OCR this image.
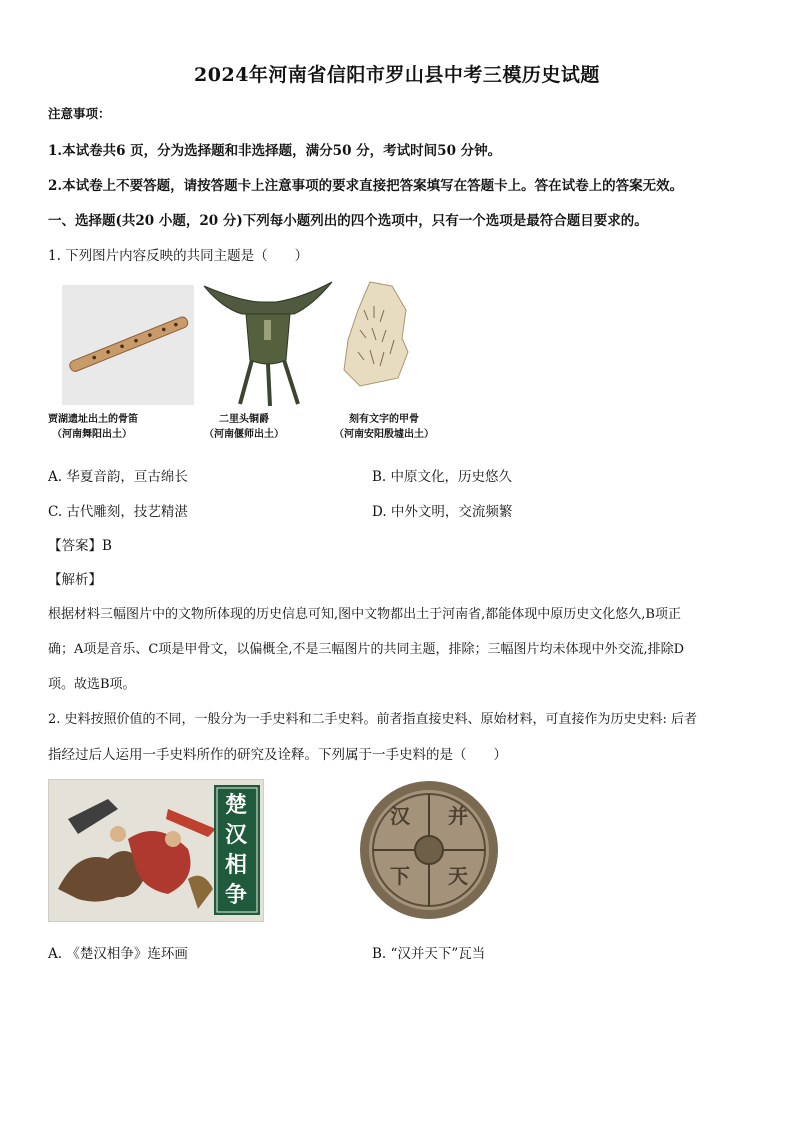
2024年河南省信阳市罗山县中考三模历史试题
注意事项：
1.本试卷共6 页，分为选择题和非选择题，满分50 分，考试时间50 分钟。
2.本试卷上不要答题，请按答题卡上注意事项的要求直接把答案填写在答题卡上。答在试卷上的答案无效。
一、选择题(共20 小题，20 分)下列每小题列出的四个选项中，只有一个选项是最符合题目要求的。
1. 下列图片内容反映的共同主题是（　　）
贾湖遗址出土的骨笛
（河南舞阳出土）
二里头铜爵
（河南偃师出土）
刻有文字的甲骨
（河南安阳殷墟出土）
A. 华夏音韵，亘古绵长	B. 中原文化，历史悠久
C. 古代雕刻，技艺精湛	D. 中外文明，交流频繁
【答案】B
【解析】
根据材料三幅图片中的文物所体现的历史信息可知,图中文物都出土于河南省,都能体现中原历史文化悠久,B项正
确；A项是音乐、C项是甲骨文，以偏概全,不是三幅图片的共同主题，排除；三幅图片均未体现中外交流,排除D
项。故选B项。
2. 史料按照价值的不同，一般分为一手史料和二手史料。前者指直接史料、原始材料，可直接作为历史史料: 后者
指经过后人运用一手史料所作的研究及诠释。下列属于一手史料的是（　　）
楚
汉
相
争
汉 并
天
下
A. 《楚汉相争》连环画	B. “汉并天下”瓦当
